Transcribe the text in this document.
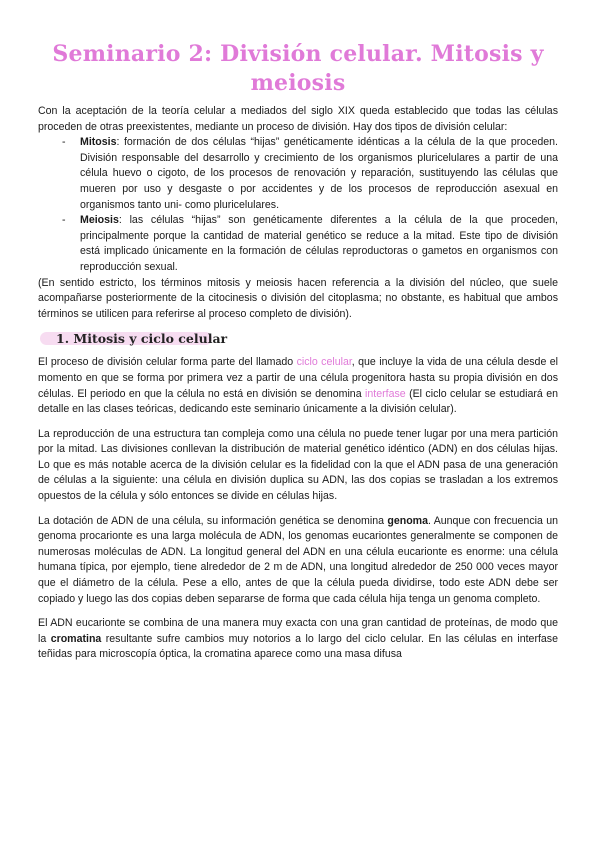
Seminario 2: División celular. Mitosis y meiosis

Con la aceptación de la teoría celular a mediados del siglo XIX queda establecido que todas las células proceden de otras preexistentes, mediante un proceso de división. Hay dos tipos de división celular:

- Mitosis: formación de dos células “hijas” genéticamente idénticas a la célula de la que proceden. División responsable del desarrollo y crecimiento de los organismos pluricelulares a partir de una célula huevo o cigoto, de los procesos de renovación y reparación, sustituyendo las células que mueren por uso y desgaste o por accidentes y de los procesos de reproducción asexual en organismos tanto uni- como pluricelulares.
- Meiosis: las células “hijas” son genéticamente diferentes a la célula de la que proceden, principalmente porque la cantidad de material genético se reduce a la mitad. Este tipo de división está implicado únicamente en la formación de células reproductoras o gametos en organismos con reproducción sexual.

(En sentido estricto, los términos mitosis y meiosis hacen referencia a la división del núcleo, que suele acompañarse posteriormente de la citocinesis o división del citoplasma; no obstante, es habitual que ambos términos se utilicen para referirse al proceso completo de división).

1. Mitosis y ciclo celular

El proceso de división celular forma parte del llamado ciclo celular, que incluye la vida de una célula desde el momento en que se forma por primera vez a partir de una célula progenitora hasta su propia división en dos células. El periodo en que la célula no está en división se denomina interfase (El ciclo celular se estudiará en detalle en las clases teóricas, dedicando este seminario únicamente a la división celular).

La reproducción de una estructura tan compleja como una célula no puede tener lugar por una mera partición por la mitad. Las divisiones conllevan la distribución de material genético idéntico (ADN) en dos células hijas. Lo que es más notable acerca de la división celular es la fidelidad con la que el ADN pasa de una generación de células a la siguiente: una célula en división duplica su ADN, las dos copias se trasladan a los extremos opuestos de la célula y sólo entonces se divide en células hijas.

La dotación de ADN de una célula, su información genética se denomina genoma. Aunque con frecuencia un genoma procarionte es una larga molécula de ADN, los genomas eucariontes generalmente se componen de numerosas moléculas de ADN. La longitud general del ADN en una célula eucarionte es enorme: una célula humana típica, por ejemplo, tiene alrededor de 2 m de ADN, una longitud alrededor de 250 000 veces mayor que el diámetro de la célula. Pese a ello, antes de que la célula pueda dividirse, todo este ADN debe ser copiado y luego las dos copias deben separarse de forma que cada célula hija tenga un genoma completo.

El ADN eucarionte se combina de una manera muy exacta con una gran cantidad de proteínas, de modo que la cromatina resultante sufre cambios muy notorios a lo largo del ciclo celular. En las células en interfase teñidas para microscopía óptica, la cromatina aparece como una masa difusa
